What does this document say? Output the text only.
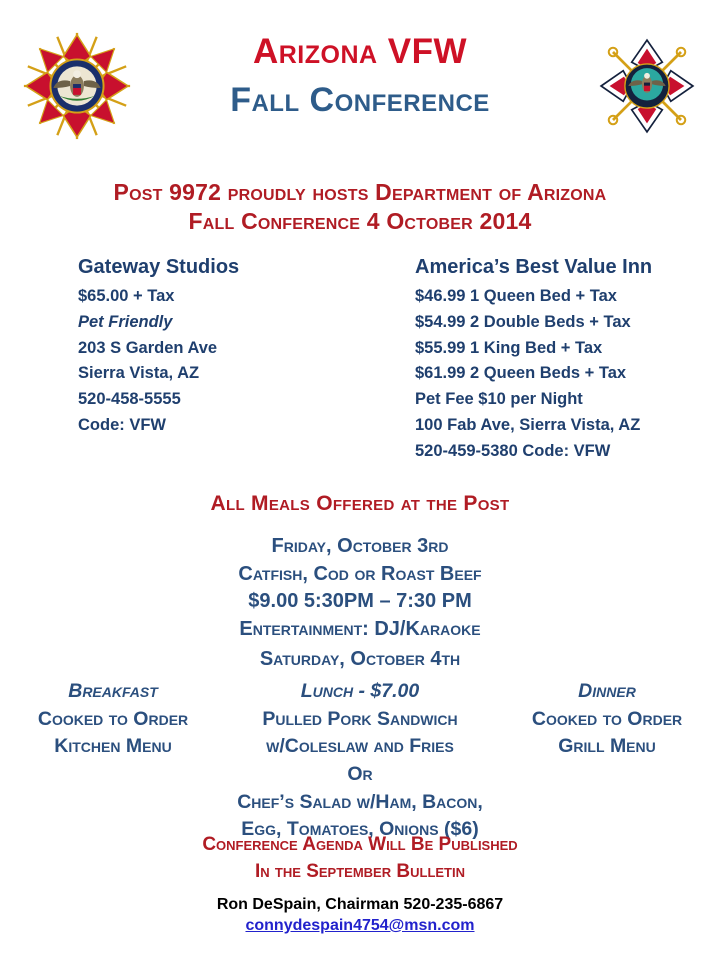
Arizona VFW
Fall Conference
Post 9972 proudly hosts Department of Arizona
Fall Conference 4 October 2014
Gateway Studios
$65.00 + Tax
Pet Friendly
203 S Garden Ave
Sierra Vista, AZ
520-458-5555
Code: VFW
America’s Best Value Inn
$46.99 1 Queen Bed + Tax
$54.99 2 Double Beds + Tax
$55.99 1 King Bed + Tax
$61.99 2 Queen Beds + Tax
Pet Fee $10 per Night
100 Fab Ave, Sierra Vista, AZ
520-459-5380 Code: VFW
All Meals Offered at the Post
Friday, October 3rd
Catfish, Cod or Roast Beef
$9.00 5:30PM – 7:30 PM
Entertainment: DJ/Karaoke
Saturday, October 4th
Breakfast
Cooked to Order
Kitchen Menu
Lunch - $7.00
Pulled Pork Sandwich
w/Coleslaw and Fries
Or
Chef’s Salad w/Ham, Bacon,
Egg, Tomatoes, Onions ($6)
Dinner
Cooked to Order
Grill Menu
Conference Agenda Will Be Published
In the September Bulletin
Ron DeSpain, Chairman 520-235-6867
connydespain4754@msn.com
